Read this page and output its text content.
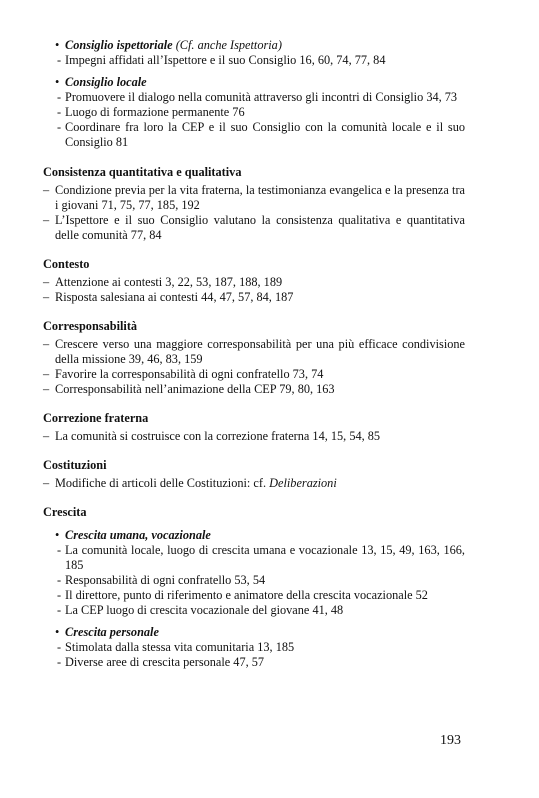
• Consiglio ispettoriale (Cf. anche Ispettoria)
- Impegni affidati all’Ispettore e il suo Consiglio 16, 60, 74, 77, 84
• Consiglio locale
- Promuovere il dialogo nella comunità attraverso gli incontri di Consiglio 34, 73
- Luogo di formazione permanente 76
- Coordinare fra loro la CEP e il suo Consiglio con la comunità locale e il suo Consiglio 81
Consistenza quantitativa e qualitativa
– Condizione previa per la vita fraterna, la testimonianza evangelica e la presenza tra i giovani 71, 75, 77, 185, 192
– L’Ispettore e il suo Consiglio valutano la consistenza qualitativa e quantitativa delle comunità 77, 84
Contesto
– Attenzione ai contesti 3, 22, 53, 187, 188, 189
– Risposta salesiana ai contesti 44, 47, 57, 84, 187
Corresponsabilità
– Crescere verso una maggiore corresponsabilità per una più efficace condivisione della missione 39, 46, 83, 159
– Favorire la corresponsabilità di ogni confratello 73, 74
– Corresponsabilità nell’animazione della CEP 79, 80, 163
Correzione fraterna
– La comunità si costruisce con la correzione fraterna 14, 15, 54, 85
Costituzioni
– Modifiche di articoli delle Costituzioni: cf. Deliberazioni
Crescita
• Crescita umana, vocazionale
- La comunità locale, luogo di crescita umana e vocazionale 13, 15, 49, 163, 166, 185
- Responsabilità di ogni confratello 53, 54
- Il direttore, punto di riferimento e animatore della crescita vocazionale 52
- La CEP luogo di crescita vocazionale del giovane 41, 48
• Crescita personale
- Stimolata dalla stessa vita comunitaria 13, 185
- Diverse aree di crescita personale 47, 57
193
